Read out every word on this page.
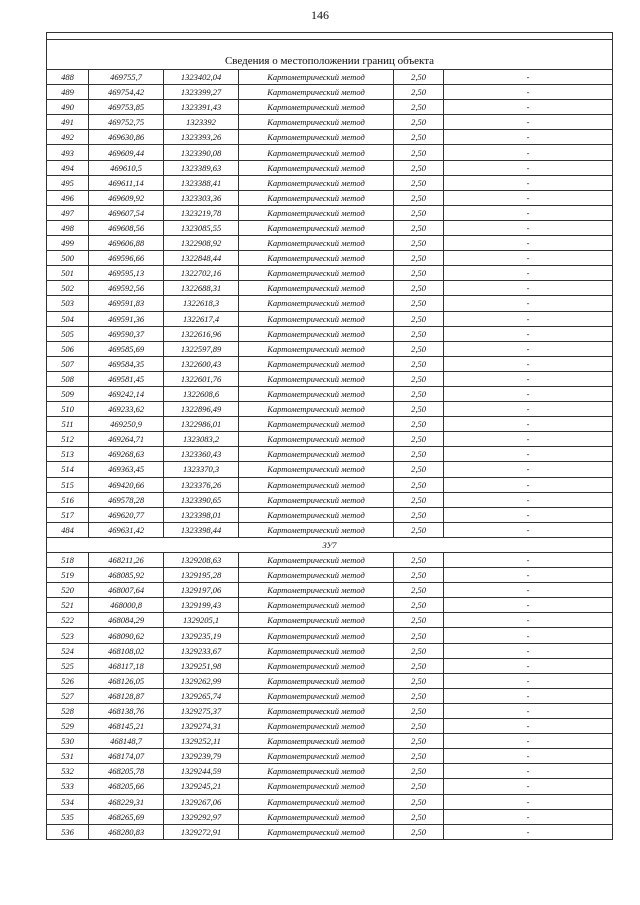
146

Сведения о местоположении границ объекта					
488	469755,7	1323402,04	Картометрический метод	2,50	-
489	469754,42	1323399,27	Картометрический метод	2,50	-
490	469753,85	1323391,43	Картометрический метод	2,50	-
491	469752,75	1323392	Картометрический метод	2,50	-
492	469630,86	1323393,26	Картометрический метод	2,50	-
493	469609,44	1323390,08	Картометрический метод	2,50	-
494	469610,5	1323389,63	Картометрический метод	2,50	-
495	469611,14	1323388,41	Картометрический метод	2,50	-
496	469609,92	1323303,36	Картометрический метод	2,50	-
497	469607,54	1323219,78	Картометрический метод	2,50	-
498	469608,56	1323085,55	Картометрический метод	2,50	-
499	469606,88	1322908,92	Картометрический метод	2,50	-
500	469596,66	1322848,44	Картометрический метод	2,50	-
501	469595,13	1322702,16	Картометрический метод	2,50	-
502	469592,56	1322688,31	Картометрический метод	2,50	-
503	469591,83	1322618,3	Картометрический метод	2,50	-
504	469591,36	1322617,4	Картометрический метод	2,50	-
505	469590,37	1322616,96	Картометрический метод	2,50	-
506	469585,69	1322597,89	Картометрический метод	2,50	-
507	469584,35	1322600,43	Картометрический метод	2,50	-
508	469581,45	1322601,76	Картометрический метод	2,50	-
509	469242,14	1322608,6	Картометрический метод	2,50	-
510	469233,62	1322896,49	Картометрический метод	2,50	-
511	469250,9	1322986,01	Картометрический метод	2,50	-
512	469264,71	1323083,2	Картометрический метод	2,50	-
513	469268,63	1323360,43	Картометрический метод	2,50	-
514	469363,45	1323370,3	Картометрический метод	2,50	-
515	469420,66	1323376,26	Картометрический метод	2,50	-
516	469578,28	1323390,65	Картометрический метод	2,50	-
517	469620,77	1323398,01	Картометрический метод	2,50	-
484	469631,42	1323398,44	Картометрический метод	2,50	-
ЗУ7					
518	468211,26	1329208,63	Картометрический метод	2,50	-
519	468085,92	1329195,28	Картометрический метод	2,50	-
520	468007,64	1329197,06	Картометрический метод	2,50	-
521	468000,8	1329199,43	Картометрический метод	2,50	-
522	468084,29	1329205,1	Картометрический метод	2,50	-
523	468090,62	1329235,19	Картометрический метод	2,50	-
524	468108,02	1329233,67	Картометрический метод	2,50	-
525	468117,18	1329251,98	Картометрический метод	2,50	-
526	468126,05	1329262,99	Картометрический метод	2,50	-
527	468128,87	1329265,74	Картометрический метод	2,50	-
528	468138,76	1329275,37	Картометрический метод	2,50	-
529	468145,21	1329274,31	Картометрический метод	2,50	-
530	468148,7	1329252,11	Картометрический метод	2,50	-
531	468174,07	1329239,79	Картометрический метод	2,50	-
532	468205,78	1329244,59	Картометрический метод	2,50	-
533	468205,66	1329245,21	Картометрический метод	2,50	-
534	468229,31	1329267,06	Картометрический метод	2,50	-
535	468265,69	1329292,97	Картометрический метод	2,50	-
536	468280,83	1329272,91	Картометрический метод	2,50	-
